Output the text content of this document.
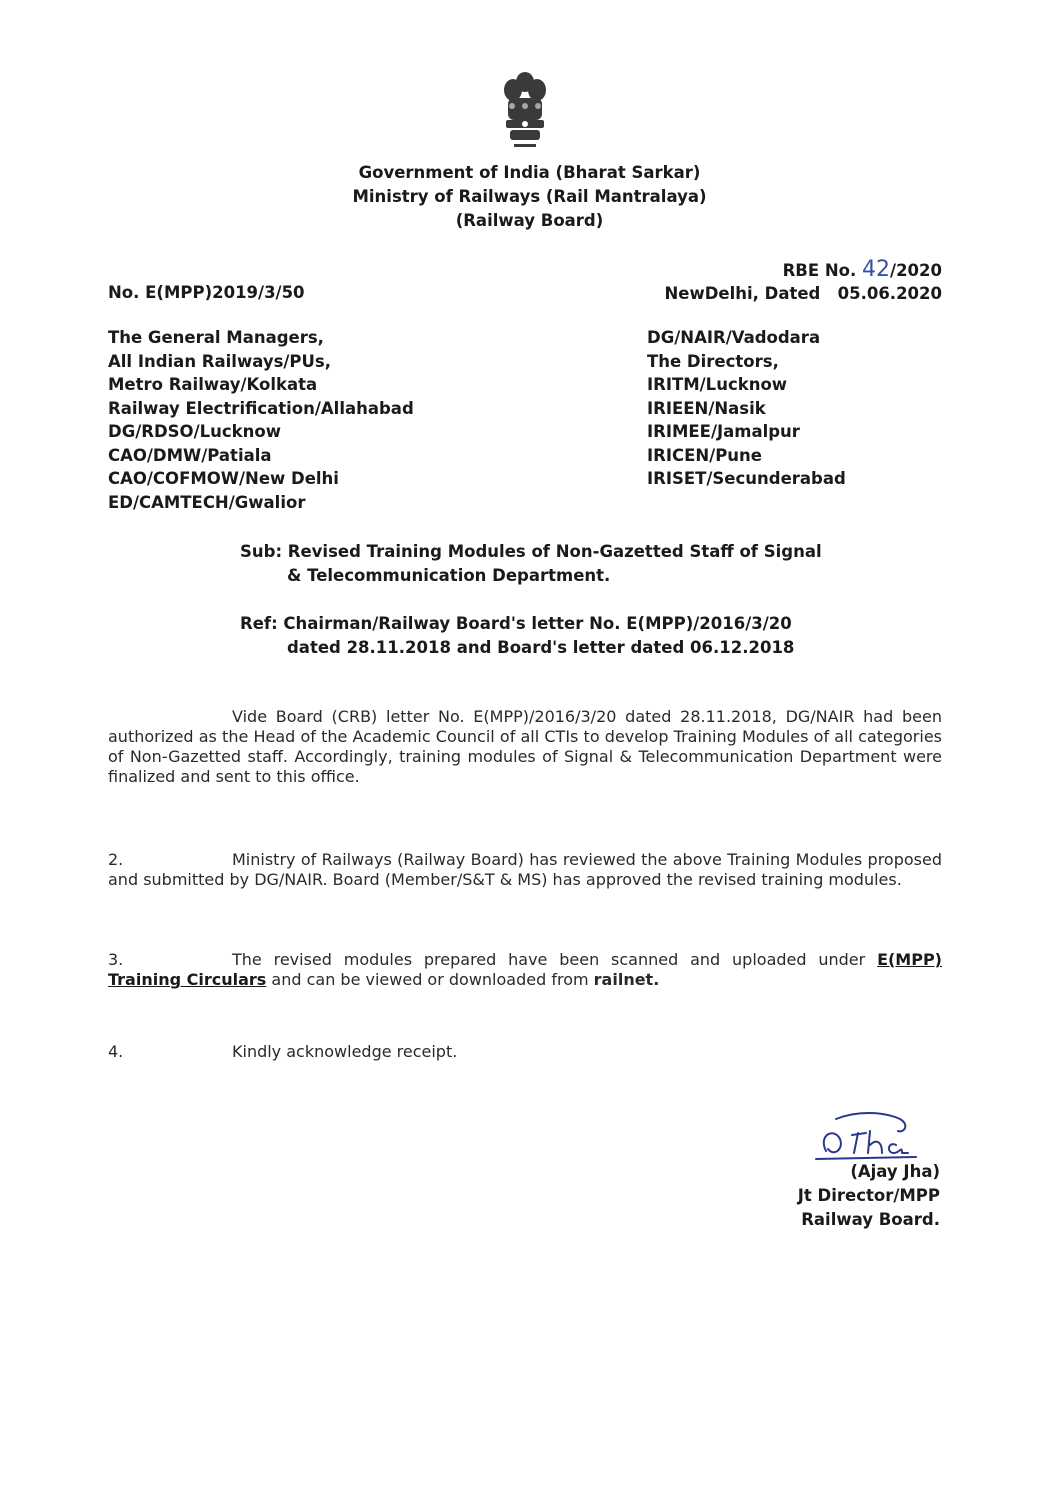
Government of India (Bharat Sarkar)
Ministry of Railways (Rail Mantralaya)
(Railway Board)
No. E(MPP)2019/3/50
RBE No. 42/2020
NewDelhi, Dated 05.06.2020
The General Managers,
All Indian Railways/PUs,
Metro Railway/Kolkata
Railway Electrification/Allahabad
DG/RDSO/Lucknow
CAO/DMW/Patiala
CAO/COFMOW/New Delhi
ED/CAMTECH/Gwalior
DG/NAIR/Vadodara
The Directors,
IRITM/Lucknow
IRIEEN/Nasik
IRIMEE/Jamalpur
IRICEN/Pune
IRISET/Secunderabad
Sub: Revised Training Modules of Non-Gazetted Staff of Signal
& Telecommunication Department.
Ref: Chairman/Railway Board's letter No. E(MPP)/2016/3/20
dated 28.11.2018 and Board's letter dated 06.12.2018
Vide Board (CRB) letter No. E(MPP)/2016/3/20 dated 28.11.2018, DG/NAIR had been authorized as the Head of the Academic Council of all CTIs to develop Training Modules of all categories of Non-Gazetted staff. Accordingly, training modules of Signal & Telecommunication Department were finalized and sent to this office.
2.	Ministry of Railways (Railway Board) has reviewed the above Training Modules proposed and submitted by DG/NAIR. Board (Member/S&T & MS) has approved the revised training modules.
3.	The revised modules prepared have been scanned and uploaded under E(MPP) Training Circulars and can be viewed or downloaded from railnet.
4.	Kindly acknowledge receipt.
(Ajay Jha)
Jt Director/MPP
Railway Board.
